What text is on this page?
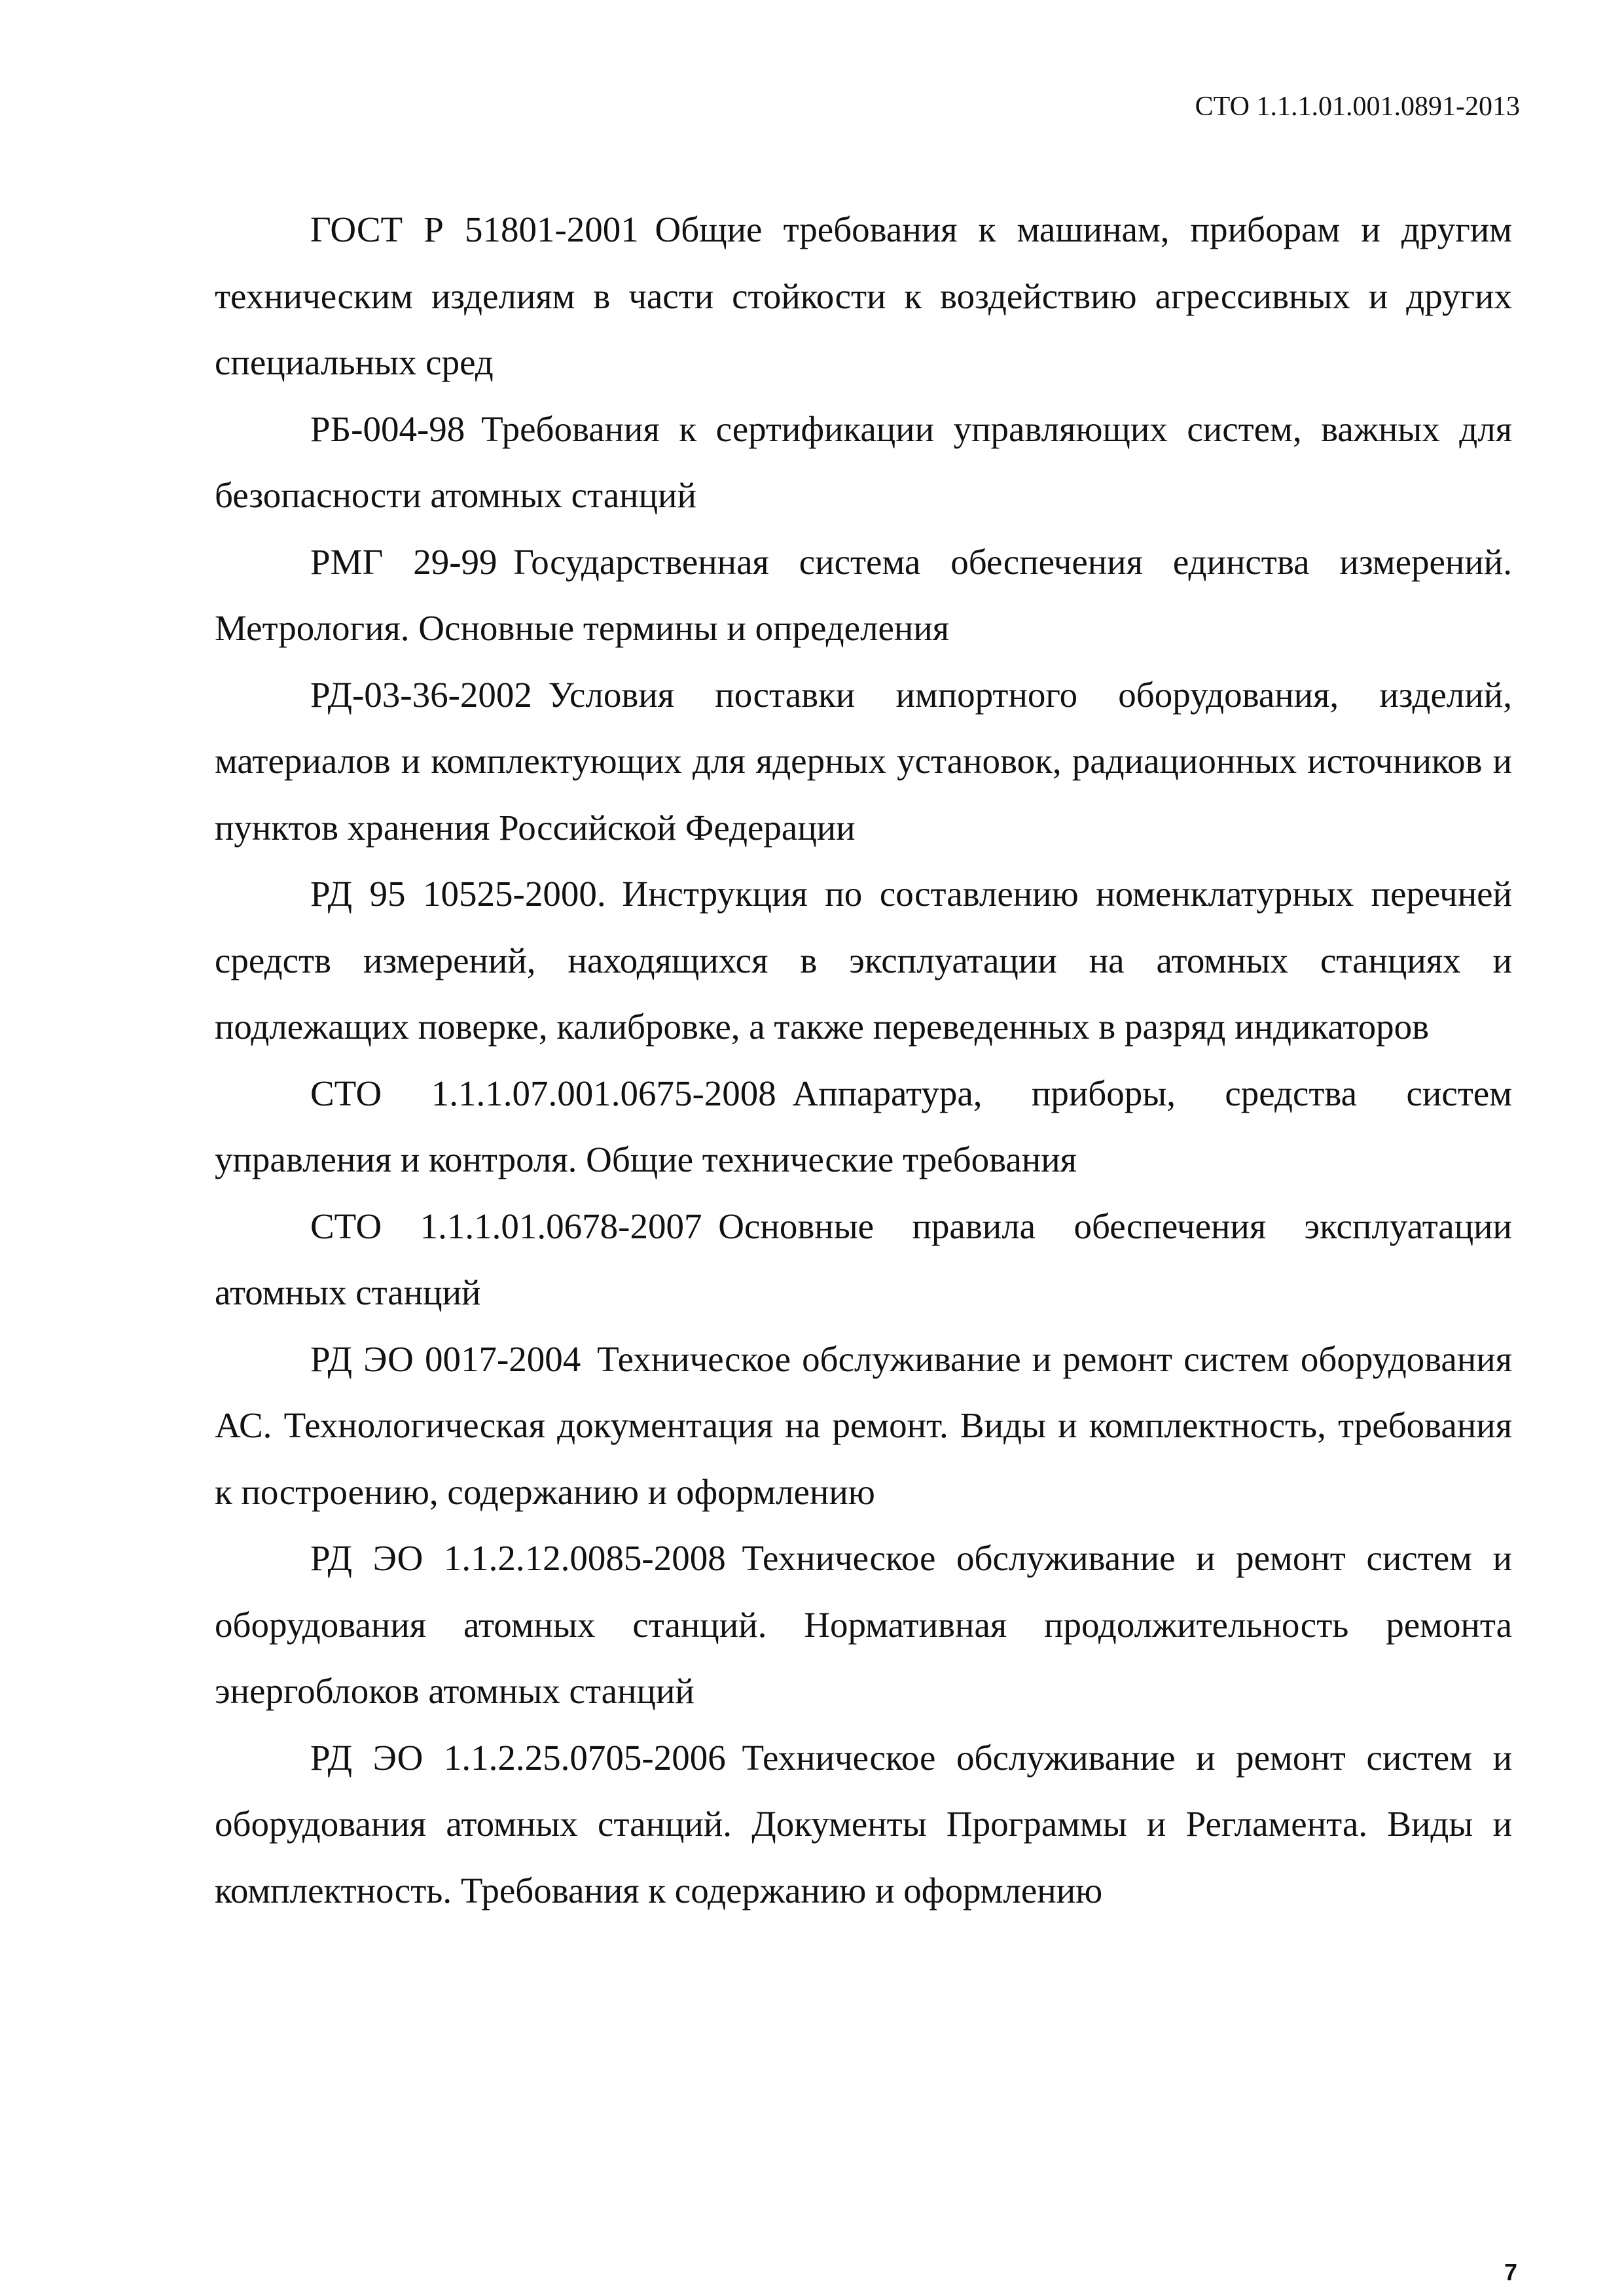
СТО 1.1.1.01.001.0891-2013

ГОСТ Р 51801-2001 Общие требования к машинам, приборам и другим техническим изделиям в части стойкости к воздействию агрессивных и других специальных сред

РБ-004-98 Требования к сертификации управляющих систем, важных для безопасности атомных станций

РМГ 29-99 Государственная система обеспечения единства измерений. Метрология. Основные термины и определения

РД-03-36-2002 Условия поставки импортного оборудования, изделий, материалов и комплектующих для ядерных установок, радиационных источников и пунктов хранения Российской Федерации

РД 95 10525-2000. Инструкция по составлению номенклатурных перечней средств измерений, находящихся в эксплуатации на атомных станциях и подлежащих поверке, калибровке, а также переведенных в разряд индикаторов

СТО 1.1.1.07.001.0675-2008 Аппаратура, приборы, средства систем управления и контроля. Общие технические требования

СТО 1.1.1.01.0678-2007 Основные правила обеспечения эксплуатации атомных станций

РД ЭО 0017-2004 Техническое обслуживание и ремонт систем оборудования АС. Технологическая документация на ремонт. Виды и комплектность, требования к построению, содержанию и оформлению

РД ЭО 1.1.2.12.0085-2008 Техническое обслуживание и ремонт систем и оборудования атомных станций. Нормативная продолжительность ремонта энергоблоков атомных станций

РД ЭО 1.1.2.25.0705-2006 Техническое обслуживание и ремонт систем и оборудования атомных станций. Документы Программы и Регламента. Виды и комплектность. Требования к содержанию и оформлению

7
